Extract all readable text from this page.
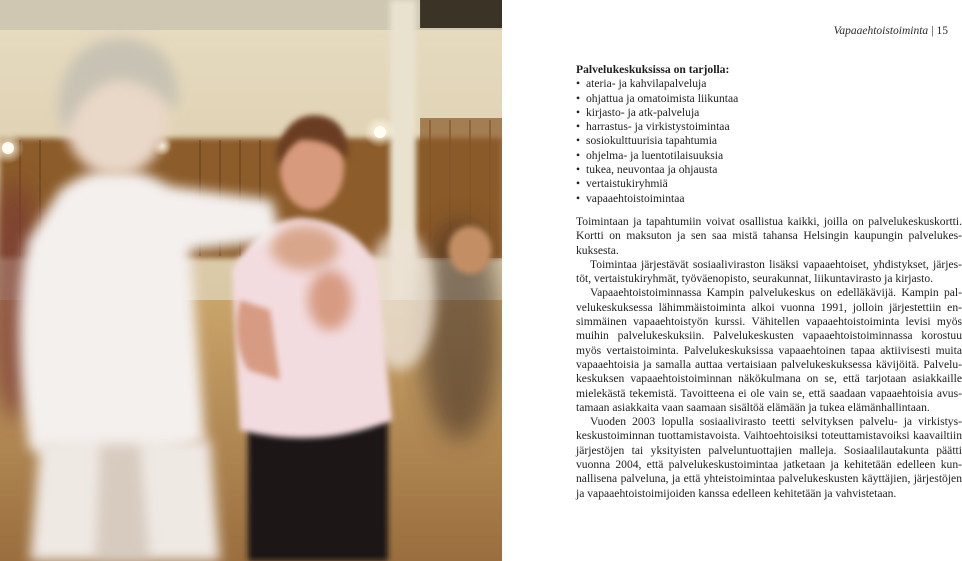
Vapaaehtoistoiminta | 15
Palvelukeskuksissa on tarjolla:
• ateria- ja kahvilapalveluja
• ohjattua ja omatoimista liikuntaa
• kirjasto- ja atk-palveluja
• harrastus- ja virkistystoimintaa
• sosiokulttuurisia tapahtumia
• ohjelma- ja luentotilaisuuksia
• tukea, neuvontaa ja ohjausta
• vertaistukiryhmiä
• vapaaehtoistoimintaa

Toimintaan ja tapahtumiin voivat osallistua kaikki, joilla on palvelukeskuskortti. Kortti on maksuton ja sen saa mistä tahansa Helsingin kaupungin palvelukeskuksesta.

Toimintaa järjestävät sosiaaliviraston lisäksi vapaaehtoiset, yhdistykset, järjestöt, vertaistukiryhmät, työväenopisto, seurakunnat, liikuntavirasto ja kirjasto.

Vapaaehtoistoiminnassa Kampin palvelukeskus on edelläkävijä. Kampin palvelukeskuksessa lähimmäistoiminta alkoi vuonna 1991, jolloin järjestettiin ensimmäinen vapaaehtoistyön kurssi. Vähitellen vapaaehtoistoiminta levisi myös muihin palvelukeskuksiin. Palvelukeskusten vapaaehtoistoiminnassa korostuu myös vertaistoiminta. Palvelukeskuksissa vapaaehtoinen tapaa aktiivisesti muita vapaaehtoisia ja samalla auttaa vertaisiaan palvelukeskuksessa kävijöitä. Palvelukeskuksen vapaaehtoistoiminnan näkökulmana on se, että tarjotaan asiakkaille mielekästä tekemistä. Tavoitteena ei ole vain se, että saadaan vapaaehtoisia avustamaan asiakkaita vaan saamaan sisältöä elämään ja tukea elämänhallintaan.

Vuoden 2003 lopulla sosiaalivirasto teetti selvityksen palvelu- ja virkistyskeskustoiminnan tuottamistavoista. Vaihtoehtoisiksi toteuttamistavoiksi kaavailtiin järjestöjen tai yksityisten palveluntuottajien malleja. Sosiaalilautakunta päätti vuonna 2004, että palvelukeskustoimintaa jatketaan ja kehitetään edelleen kunnallisena palveluna, ja että yhteistoimintaa palvelukeskusten käyttäjien, järjestöjen ja vapaaehtoistoimijoiden kanssa edelleen kehitetään ja vahvistetaan.
